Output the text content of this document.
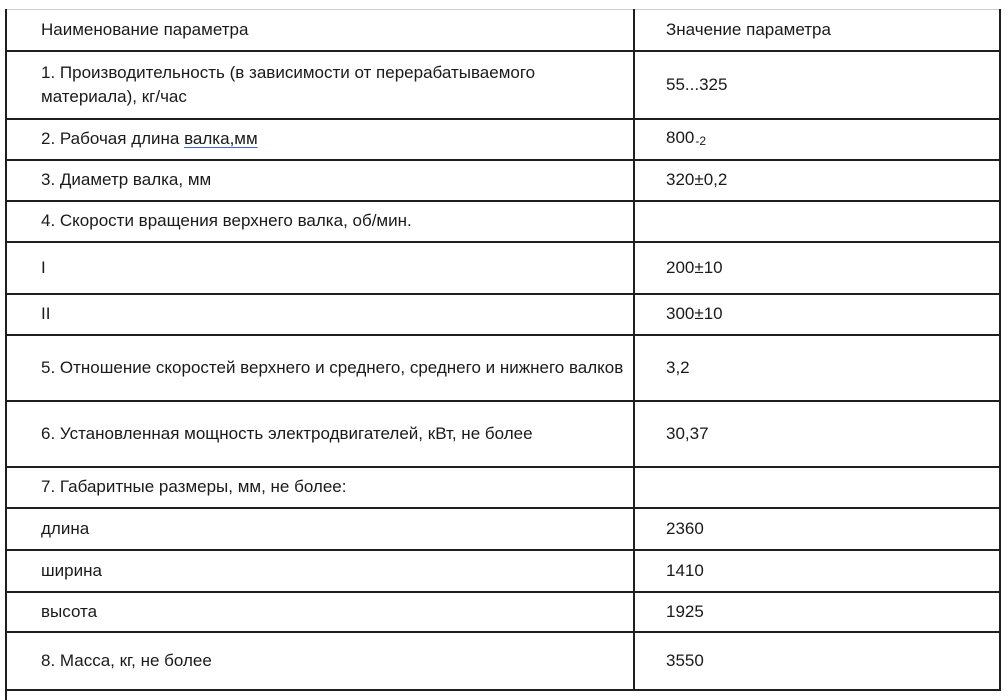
Наименование параметра	Значение параметра
1. Производительность (в зависимости от перерабатываемого материала), кг/час	55...325
2. Рабочая длина валка,мм	800-2
3. Диаметр валка, мм	320±0,2
4. Скорости вращения верхнего валка, об/мин.	
I	200±10
II	300±10
5. Отношение скоростей верхнего и среднего, среднего и нижнего валков	3,2
6. Установленная мощность электродвигателей, кВт, не более	30,37
7. Габаритные размеры, мм, не более:	
длина	2360
ширина	1410
высота	1925
8. Масса, кг, не более	3550
